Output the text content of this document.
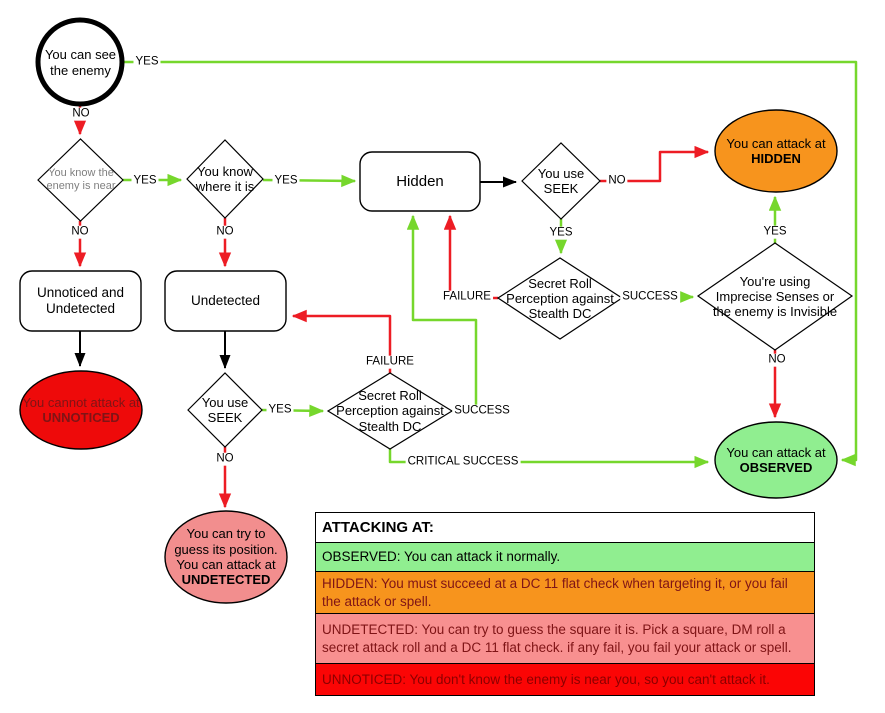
You can see the enemy
You know the enemy is near
You know where it is	Hidden	You use SEEK
Secret Roll Perception against Stealth DC
You're using Imprecise Senses or the enemy is Invisible
Unnoticed and Undetected
Undetected
You use SEEK
Secret Roll Perception against Stealth DC
You can attack at
HIDDEN
You cannot attack at
UNNOTICED
You can try to guess its position. You can attack at
UNDETECTED
You can attack at
OBSERVED
YES
NO
YES
NO
YES
NO
NO
YES
FAILURE	SUCCESS
YES
NO
YES
NO
FAILURE
SUCCESS
CRITICAL SUCCESS
ATTACKING AT:
OBSERVED: You can attack it normally.
HIDDEN: You must succeed at a DC 11 flat check when targeting it, or you fail the attack or spell.
UNDETECTED: You can try to guess the square it is. Pick a square, DM roll a secret attack roll and a DC 11 flat check. if any fail, you fail your attack or spell.
UNNOTICED: You don't know the enemy is near you, so you can't attack it.
